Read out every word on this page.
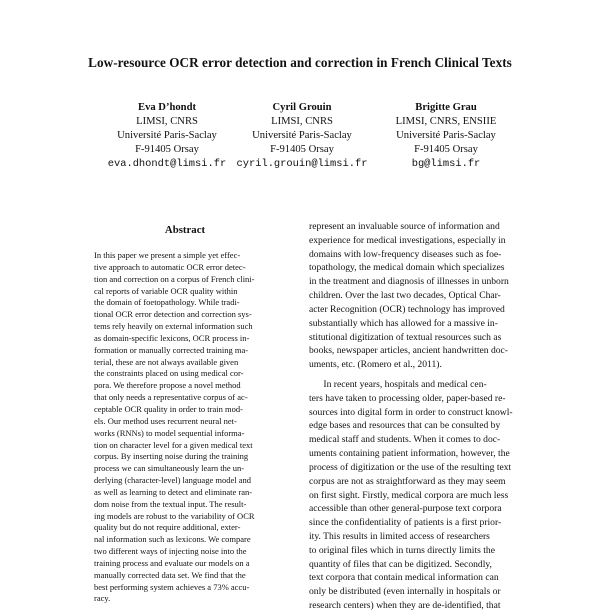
Low-resource OCR error detection and correction in French Clinical Texts
Eva D’hondt
LIMSI, CNRS
Université Paris-Saclay
F-91405 Orsay
eva.dhondt@limsi.fr
Cyril Grouin
LIMSI, CNRS
Université Paris-Saclay
F-91405 Orsay
cyril.grouin@limsi.fr
Brigitte Grau
LIMSI, CNRS, ENSIIE
Université Paris-Saclay
F-91405 Orsay
bg@limsi.fr
Abstract
In this paper we present a simple yet effec-
tive approach to automatic OCR error detec-
tion and correction on a corpus of French clini-
cal reports of variable OCR quality within
the domain of foetopathology. While tradi-
tional OCR error detection and correction sys-
tems rely heavily on external information such
as domain-specific lexicons, OCR process in-
formation or manually corrected training ma-
terial, these are not always available given
the constraints placed on using medical cor-
pora. We therefore propose a novel method
that only needs a representative corpus of ac-
ceptable OCR quality in order to train mod-
els. Our method uses recurrent neural net-
works (RNNs) to model sequential informa-
tion on character level for a given medical text
corpus. By inserting noise during the training
process we can simultaneously learn the un-
derlying (character-level) language model and
as well as learning to detect and eliminate ran-
dom noise from the textual input. The result-
ing models are robust to the variability of OCR
quality but do not require additional, exter-
nal information such as lexicons. We compare
two different ways of injecting noise into the
training process and evaluate our models on a
manually corrected data set. We find that the
best performing system achieves a 73% accu-
racy.
represent an invaluable source of information and
experience for medical investigations, especially in
domains with low-frequency diseases such as foe-
topathology, the medical domain which specializes
in the treatment and diagnosis of illnesses in unborn
children. Over the last two decades, Optical Char-
acter Recognition (OCR) technology has improved
substantially which has allowed for a massive in-
stitutional digitization of textual resources such as
books, newspaper articles, ancient handwritten doc-
uments, etc. (Romero et al., 2011).
In recent years, hospitals and medical cen-
ters have taken to processing older, paper-based re-
sources into digital form in order to construct knowl-
edge bases and resources that can be consulted by
medical staff and students. When it comes to doc-
uments containing patient information, however, the
process of digitization or the use of the resulting text
corpus are not as straightforward as they may seem
on first sight. Firstly, medical corpora are much less
accessible than other general-purpose text corpora
since the confidentiality of patients is a first prior-
ity. This results in limited access of researchers
to original files which in turns directly limits the
quantity of files that can be digitized. Secondly,
text corpora that contain medical information can
only be distributed (even internally in hospitals or
research centers) when they are de-identified, that
